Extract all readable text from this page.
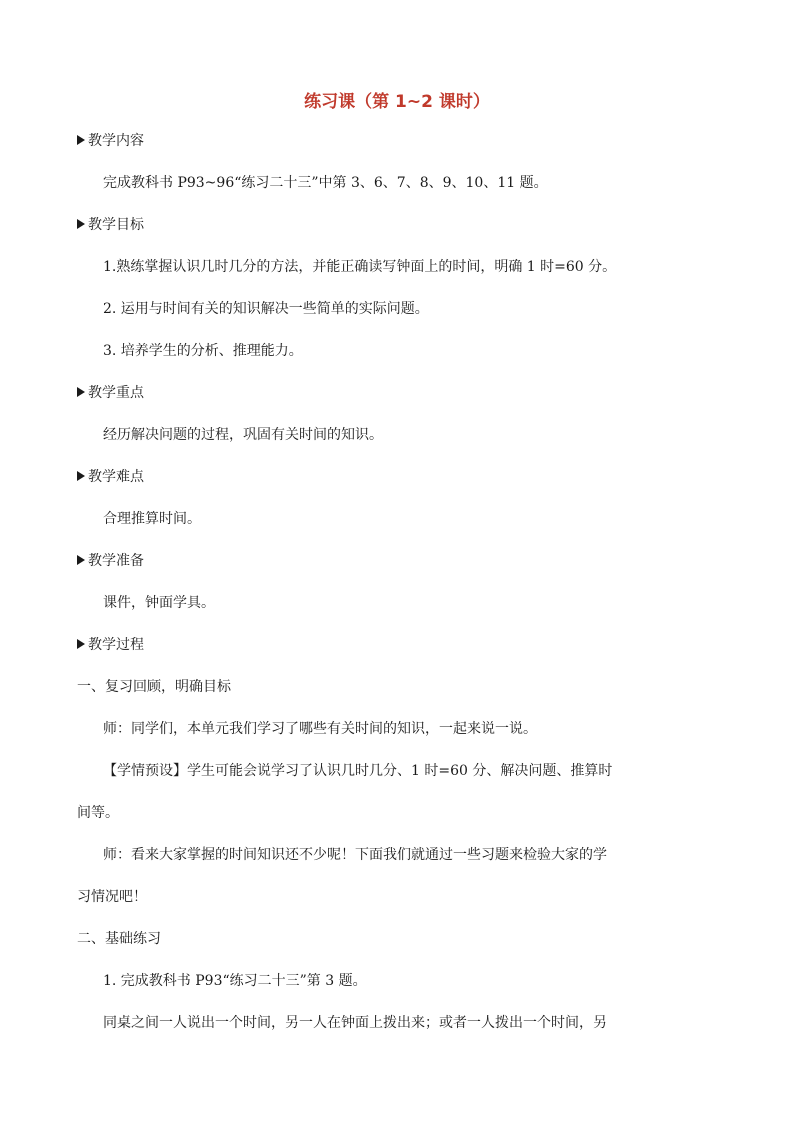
练习课（第 1~2 课时）
教学内容
完成教科书 P93~96“练习二十三”中第 3、6、7、8、9、10、11 题。
教学目标
1.熟练掌握认识几时几分的方法，并能正确读写钟面上的时间，明确 1 时=60 分。
2. 运用与时间有关的知识解决一些简单的实际问题。
3. 培养学生的分析、推理能力。
教学重点
经历解决问题的过程，巩固有关时间的知识。
教学难点
合理推算时间。
教学准备
课件，钟面学具。
教学过程
一、复习回顾，明确目标
师：同学们，本单元我们学习了哪些有关时间的知识，一起来说一说。
【学情预设】学生可能会说学习了认识几时几分、1 时=60 分、解决问题、推算时
间等。
师：看来大家掌握的时间知识还不少呢！下面我们就通过一些习题来检验大家的学
习情况吧！
二、基础练习
1. 完成教科书 P93“练习二十三”第 3 题。
同桌之间一人说出一个时间，另一人在钟面上拨出来；或者一人拨出一个时间，另
